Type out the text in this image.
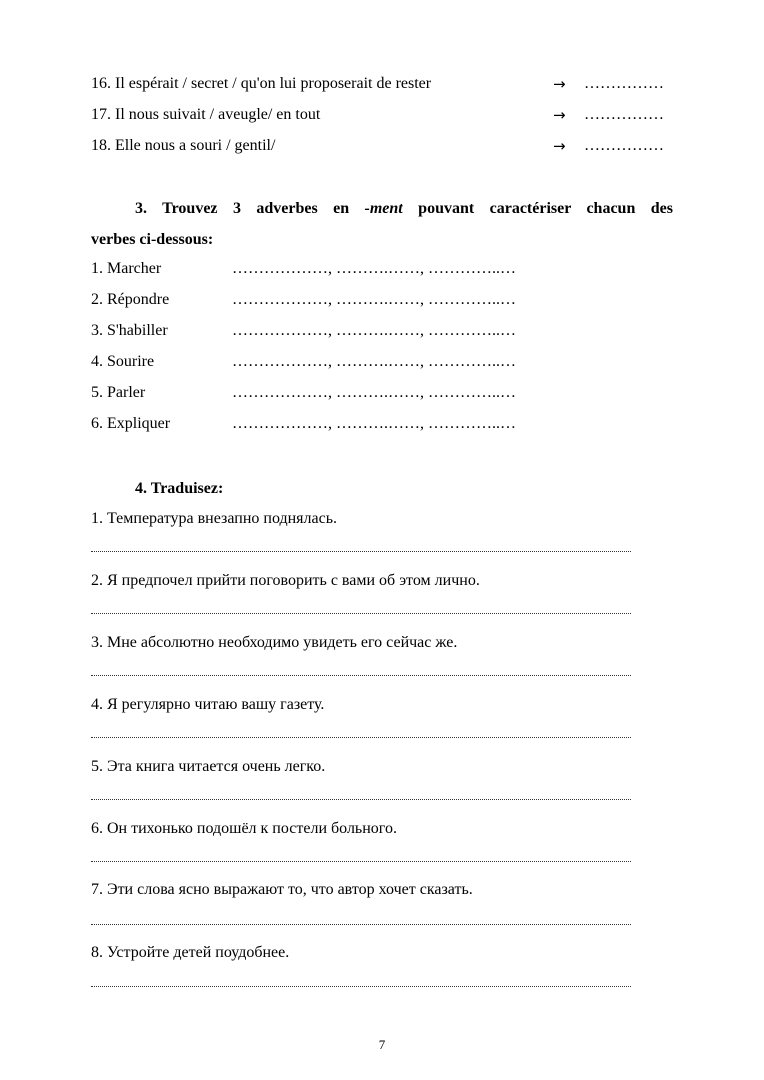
16. Il espérait / secret / qu'on lui proposerait de rester	→ ……………
17. Il nous suivait / aveugle/ en tout	→ ……………
18. Elle nous a souri / gentil/	→ ……………
3. Trouvez 3 adverbes en -ment pouvant caractériser chacun des
verbes ci-dessous:
1. Marcher	………………, ……….……, …………..…
2. Répondre	………………, ……….……, …………..…
3. S'habiller	………………, ……….……, …………..…
4. Sourire	………………, ……….……, …………..…
5. Parler	………………, ……….……, …………..…
6. Expliquer	………………, ……….……, …………..…
4. Traduisez:
1. Температура внезапно поднялась.
2. Я предпочел прийти поговорить с вами об этом лично.
3. Мне абсолютно необходимо увидеть его сейчас же.
4. Я регулярно читаю вашу газету.
5. Эта книга читается очень легко.
6. Он тихонько подошёл к постели больного.
7. Эти слова ясно выражают то, что автор хочет сказать.
8. Устройте детей поудобнее.
7
